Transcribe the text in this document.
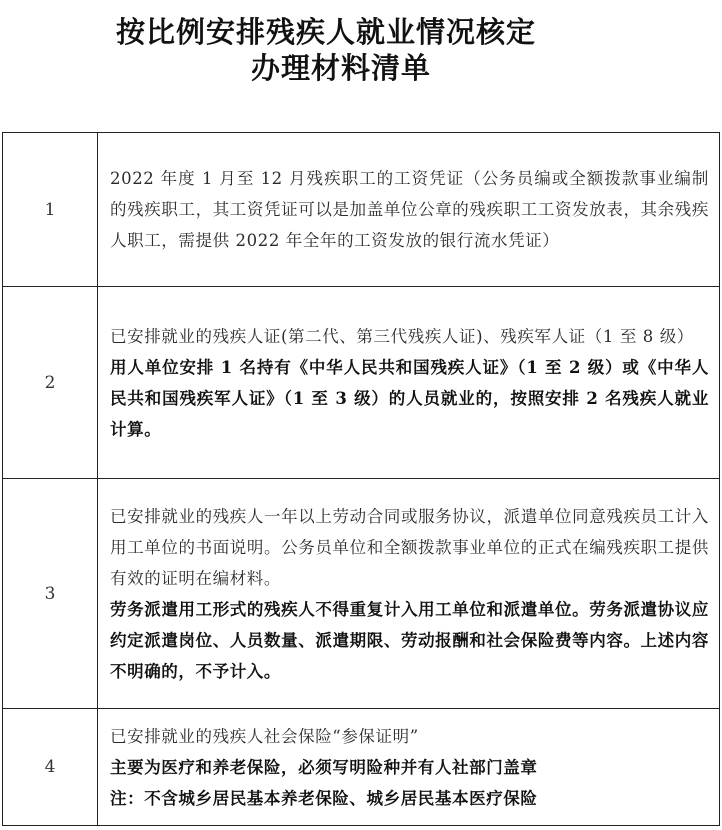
按比例安排残疾人就业情况核定
办理材料清单
1	2022 年度 1 月至 12 月残疾职工的工资凭证（公务员编或全额拨款事业编制的残疾职工，其工资凭证可以是加盖单位公章的残疾职工工资发放表，其余残疾人职工，需提供 2022 年全年的工资发放的银行流水凭证）

2	已安排就业的残疾人证(第二代、第三代残疾人证)、残疾军人证（1 至 8 级）
用人单位安排 1 名持有《中华人民共和国残疾人证》（1 至 2 级）或《中华人民共和国残疾军人证》（1 至 3 级）的人员就业的，按照安排 2 名残疾人就业计算。

3	已安排就业的残疾人一年以上劳动合同或服务协议，派遣单位同意残疾员工计入用工单位的书面说明。公务员单位和全额拨款事业单位的正式在编残疾职工提供有效的证明在编材料。
劳务派遣用工形式的残疾人不得重复计入用工单位和派遣单位。劳务派遣协议应约定派遣岗位、人员数量、派遣期限、劳动报酬和社会保险费等内容。上述内容不明确的，不予计入。

4	已安排就业的残疾人社会保险“参保证明”
主要为医疗和养老保险，必须写明险种并有人社部门盖章
注：不含城乡居民基本养老保险、城乡居民基本医疗保险
